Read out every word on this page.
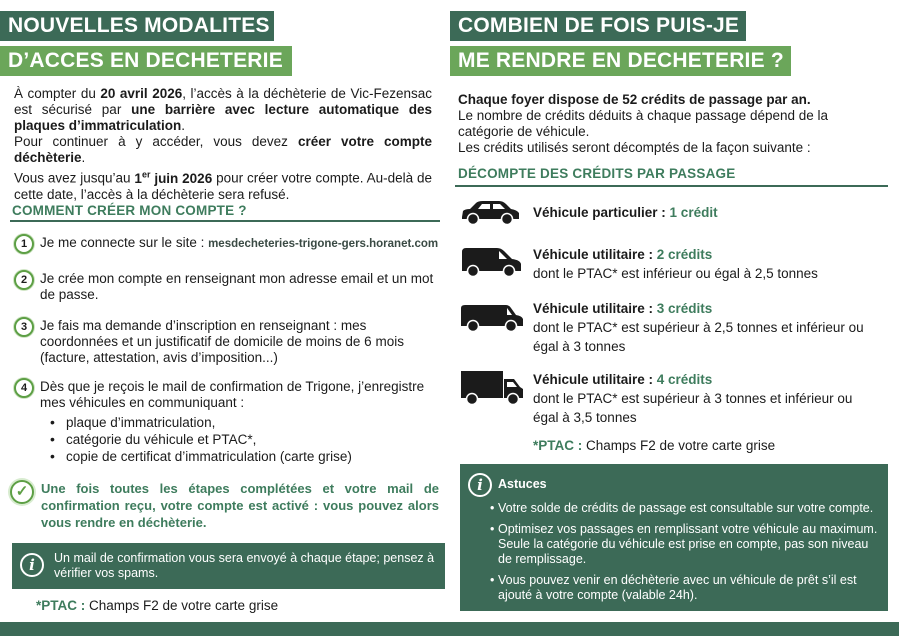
NOUVELLES MODALITES
D’ACCES EN DECHETERIE

À compter du 20 avril 2026, l’accès à la déchèterie de Vic-Fezensac est sécurisé par une barrière avec lecture automatique des plaques d’immatriculation.

Pour continuer à y accéder, vous devez créer votre compte déchèterie.

Vous avez jusqu’au 1er juin 2026 pour créer votre compte. Au-delà de cette date, l’accès à la déchèterie sera refusé.

COMMENT CRÉER MON COMPTE ?
1 Je me connecte sur le site : mesdecheteries-trigone-gers.horanet.com
2 Je crée mon compte en renseignant mon adresse email et un mot de passe.
3 Je fais ma demande d’inscription en renseignant : mes coordonnées et un justificatif de domicile de moins de 6 mois (facture, attestation, avis d’imposition...)
4 Dès que je reçois le mail de confirmation de Trigone, j’enregistre mes véhicules en communiquant :
• plaque d’immatriculation,
• catégorie du véhicule et PTAC*,
• copie de certificat d’immatriculation (carte grise)
✓ Une fois toutes les étapes complétées et votre mail de confirmation reçu, votre compte est activé : vous pouvez alors vous rendre en déchèterie.
i	Un mail de confirmation vous sera envoyé à chaque étape; pensez à vérifier vos spams.
*PTAC : Champs F2 de votre carte grise
COMBIEN DE FOIS PUIS-JE
ME RENDRE EN DECHETERIE ?

Chaque foyer dispose de 52 crédits de passage par an.

Le nombre de crédits déduits à chaque passage dépend de la catégorie de véhicule.

Les crédits utilisés seront décomptés de la façon suivante :

DÉCOMPTE DES CRÉDITS PAR PASSAGE
Véhicule particulier : 1 crédit
Véhicule utilitaire : 2 crédits
dont le PTAC* est inférieur ou égal à 2,5 tonnes
Véhicule utilitaire : 3 crédits
dont le PTAC* est supérieur à 2,5 tonnes et inférieur ou égal à 3 tonnes
Véhicule utilitaire : 4 crédits
dont le PTAC* est supérieur à 3 tonnes et inférieur ou égal à 3,5 tonnes
*PTAC : Champs F2 de votre carte grise
i	Astuces
• Votre solde de crédits de passage est consultable sur votre compte.
• Optimisez vos passages en remplissant votre véhicule au maximum. Seule la catégorie du véhicule est prise en compte, pas son niveau de remplissage.
• Vous pouvez venir en déchèterie avec un véhicule de prêt s’il est ajouté à votre compte (valable 24h).
